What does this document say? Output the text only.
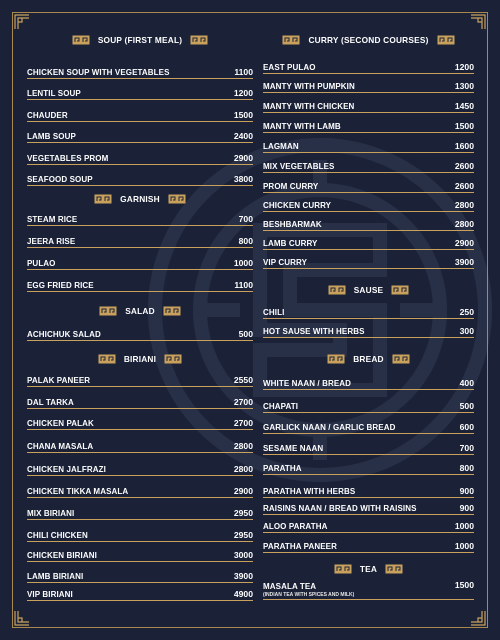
SOUP (FIRST MEAL)
CHICKEN SOUP WITH VEGETABLES	1100
LENTIL SOUP	1200
CHAUDER	1500
LAMB SOUP	2400
VEGETABLES PROM	2900
SEAFOOD SOUP	3800
GARNISH
STEAM RICE	700
JEERA RISE	800
PULAO	1000
EGG FRIED RICE	1100
SALAD
ACHICHUK SALAD	500
BIRIANI
PALAK PANEER	2550
DAL TARKA	2700
CHICKEN PALAK	2700
CHANA MASALA	2800
CHICKEN JALFRAZI	2800
CHICKEN TIKKA MASALA	2900
MIX BIRIANI	2950
CHILI CHICKEN	2950
CHICKEN BIRIANI	3000
LAMB BIRIANI	3900
VIP BIRIANI	4900
CURRY (SECOND COURSES)
EAST PULAO	1200
MANTY WITH PUMPKIN	1300
MANTY WITH CHICKEN	1450
MANTY WITH LAMB	1500
LAGMAN	1600
MIX VEGETABLES	2600
PROM CURRY	2600
CHICKEN CURRY	2800
BESHBARMAK	2800
LAMB CURRY	2900
VIP CURRY	3900
SAUSE
CHILI	250
HOT SAUSE WITH HERBS	300
BREAD
WHITE NAAN / BREAD	400
CHAPATI	500
GARLICK NAAN / GARLIC BREAD	600
SESAME NAAN	700
PARATHA	800
PARATHA WITH HERBS	900
RAISINS NAAN / BREAD WITH RAISINS	900
ALOO PARATHA	1000
PARATHA PANEER	1000
TEA
MASALA TEA
(INDIAN TEA WITH SPICES AND MILK)
1500
